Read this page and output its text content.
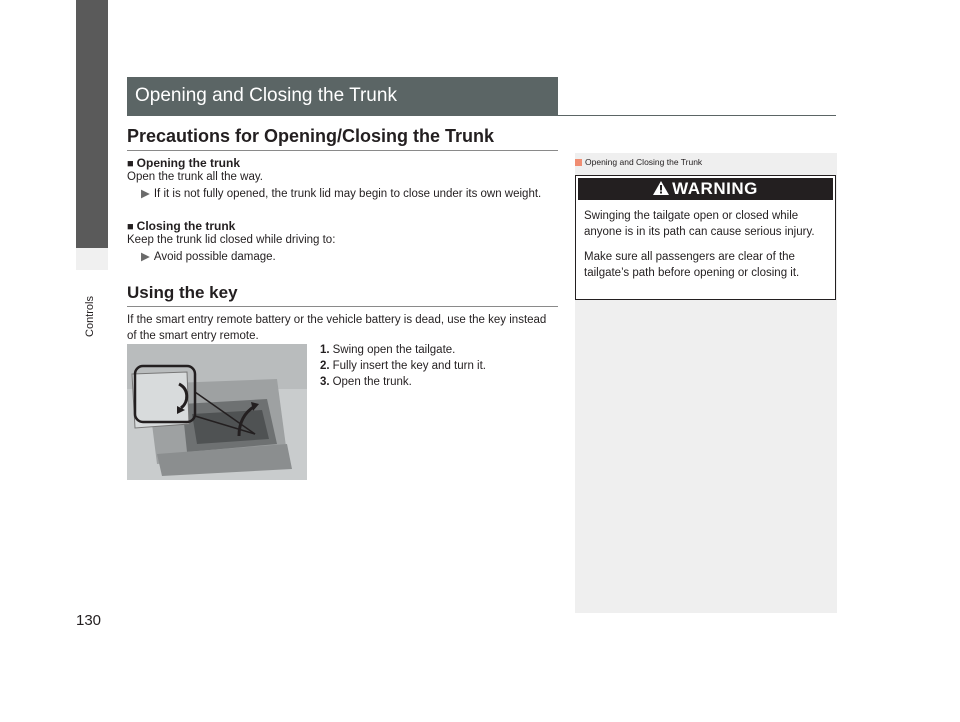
Controls
130
Opening and Closing the Trunk
Precautions for Opening/Closing the Trunk
■ Opening the trunk
Open the trunk all the way.
▶ If it is not fully opened, the trunk lid may begin to close under its own weight.
■ Closing the trunk
Keep the trunk lid closed while driving to:
▶ Avoid possible damage.
Using the key
If the smart entry remote battery or the vehicle battery is dead, use the key instead of the smart entry remote.
1. Swing open the tailgate.
2. Fully insert the key and turn it.
3. Open the trunk.
Opening and Closing the Trunk
WARNING

Swinging the tailgate open or closed while anyone is in its path can cause serious injury.

Make sure all passengers are clear of the tailgate’s path before opening or closing it.
